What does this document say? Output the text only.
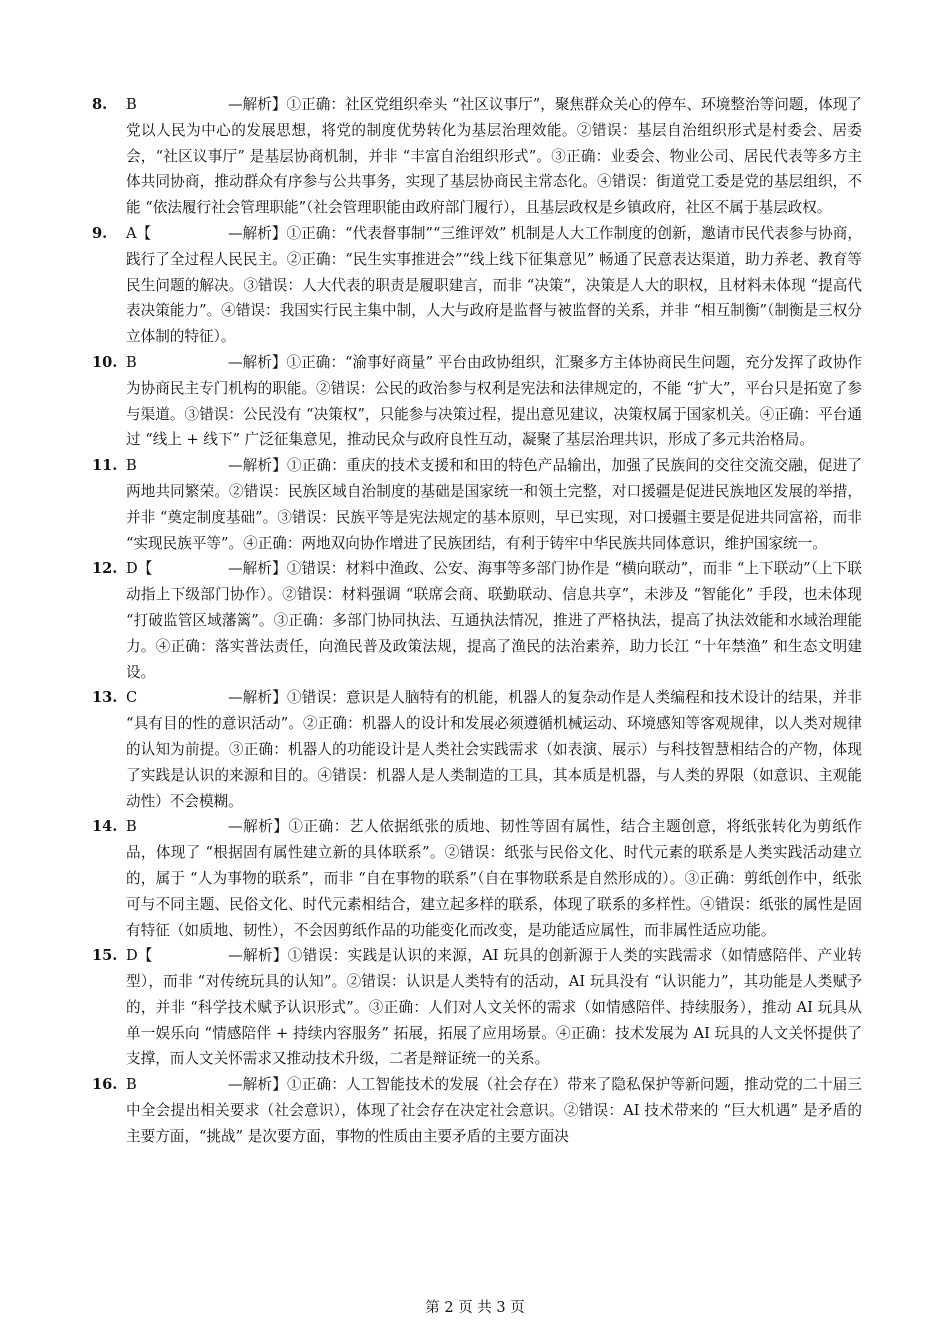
8. B	—解析】①正确：社区党组织牵头 “社区议事厅”，聚焦群众关心的停车、环境整治等问题，体现了党以人民为中心的发展思想，将党的制度优势转化为基层治理效能。②错误：基层自治组织形式是村委会、居委会，“社区议事厅” 是基层协商机制，并非 “丰富自治组织形式”。③正确：业委会、物业公司、居民代表等多方主体共同协商，推动群众有序参与公共事务，实现了基层协商民主常态化。④错误：街道党工委是党的基层组织，不能 “依法履行社会管理职能”（社会管理职能由政府部门履行），且基层政权是乡镇政府，社区不属于基层政权。
9. A【	—解析】①正确：“代表督事制”“三维评效” 机制是人大工作制度的创新，邀请市民代表参与协商，践行了全过程人民民主。②正确：“民生实事推进会”“线上线下征集意见” 畅通了民意表达渠道，助力养老、教育等民生问题的解决。③错误：人大代表的职责是履职建言，而非 “决策”，决策是人大的职权，且材料未体现 “提高代表决策能力”。④错误：我国实行民主集中制，人大与政府是监督与被监督的关系，并非 “相互制衡”（制衡是三权分立体制的特征）。
10. B	—解析】①正确：“渝事好商量” 平台由政协组织，汇聚多方主体协商民生问题，充分发挥了政协作为协商民主专门机构的职能。②错误：公民的政治参与权利是宪法和法律规定的，不能 “扩大”，平台只是拓宽了参与渠道。③错误：公民没有 “决策权”，只能参与决策过程，提出意见建议，决策权属于国家机关。④正确：平台通过 “线上 + 线下” 广泛征集意见，推动民众与政府良性互动，凝聚了基层治理共识，形成了多元共治格局。
11. B	—解析】①正确：重庆的技术支援和和田的特色产品输出，加强了民族间的交往交流交融，促进了两地共同繁荣。②错误：民族区域自治制度的基础是国家统一和领土完整，对口援疆是促进民族地区发展的举措，并非 “奠定制度基础”。③错误：民族平等是宪法规定的基本原则，早已实现，对口援疆主要是促进共同富裕，而非 “实现民族平等”。④正确：两地双向协作增进了民族团结，有利于铸牢中华民族共同体意识，维护国家统一。
12. D【	—解析】①错误：材料中渔政、公安、海事等多部门协作是 “横向联动”，而非 “上下联动”（上下联动指上下级部门协作）。②错误：材料强调 “联席会商、联勤联动、信息共享”，未涉及 “智能化” 手段，也未体现 “打破监管区域藩篱”。③正确：多部门协同执法、互通执法情况，推进了严格执法，提高了执法效能和水域治理能力。④正确：落实普法责任，向渔民普及政策法规，提高了渔民的法治素养，助力长江 “十年禁渔” 和生态文明建设。
13. C	—解析】①错误：意识是人脑特有的机能，机器人的复杂动作是人类编程和技术设计的结果，并非 “具有目的性的意识活动”。②正确：机器人的设计和发展必须遵循机械运动、环境感知等客观规律，以人类对规律的认知为前提。③正确：机器人的功能设计是人类社会实践需求（如表演、展示）与科技智慧相结合的产物，体现了实践是认识的来源和目的。④错误：机器人是人类制造的工具，其本质是机器，与人类的界限（如意识、主观能动性）不会模糊。
14. B	—解析】①正确：艺人依据纸张的质地、韧性等固有属性，结合主题创意，将纸张转化为剪纸作品，体现了 “根据固有属性建立新的具体联系”。②错误：纸张与民俗文化、时代元素的联系是人类实践活动建立的，属于 “人为事物的联系”，而非 “自在事物的联系”（自在事物联系是自然形成的）。③正确：剪纸创作中，纸张可与不同主题、民俗文化、时代元素相结合，建立起多样的联系，体现了联系的多样性。④错误：纸张的属性是固有特征（如质地、韧性），不会因剪纸作品的功能变化而改变，是功能适应属性，而非属性适应功能。
15. D【	—解析】①错误：实践是认识的来源，AI 玩具的创新源于人类的实践需求（如情感陪伴、产业转型），而非 “对传统玩具的认知”。②错误：认识是人类特有的活动，AI 玩具没有 “认识能力”，其功能是人类赋予的，并非 “科学技术赋予认识形式”。③正确：人们对人文关怀的需求（如情感陪伴、持续服务），推动 AI 玩具从单一娱乐向 “情感陪伴 + 持续内容服务” 拓展，拓展了应用场景。④正确：技术发展为 AI 玩具的人文关怀提供了支撑，而人文关怀需求又推动技术升级，二者是辩证统一的关系。
16. B	—解析】①正确：人工智能技术的发展（社会存在）带来了隐私保护等新问题，推动党的二十届三中全会提出相关要求（社会意识），体现了社会存在决定社会意识。②错误：AI 技术带来的 “巨大机遇” 是矛盾的主要方面，“挑战” 是次要方面，事物的性质由主要矛盾的主要方面决
第 2 页 共 3 页
